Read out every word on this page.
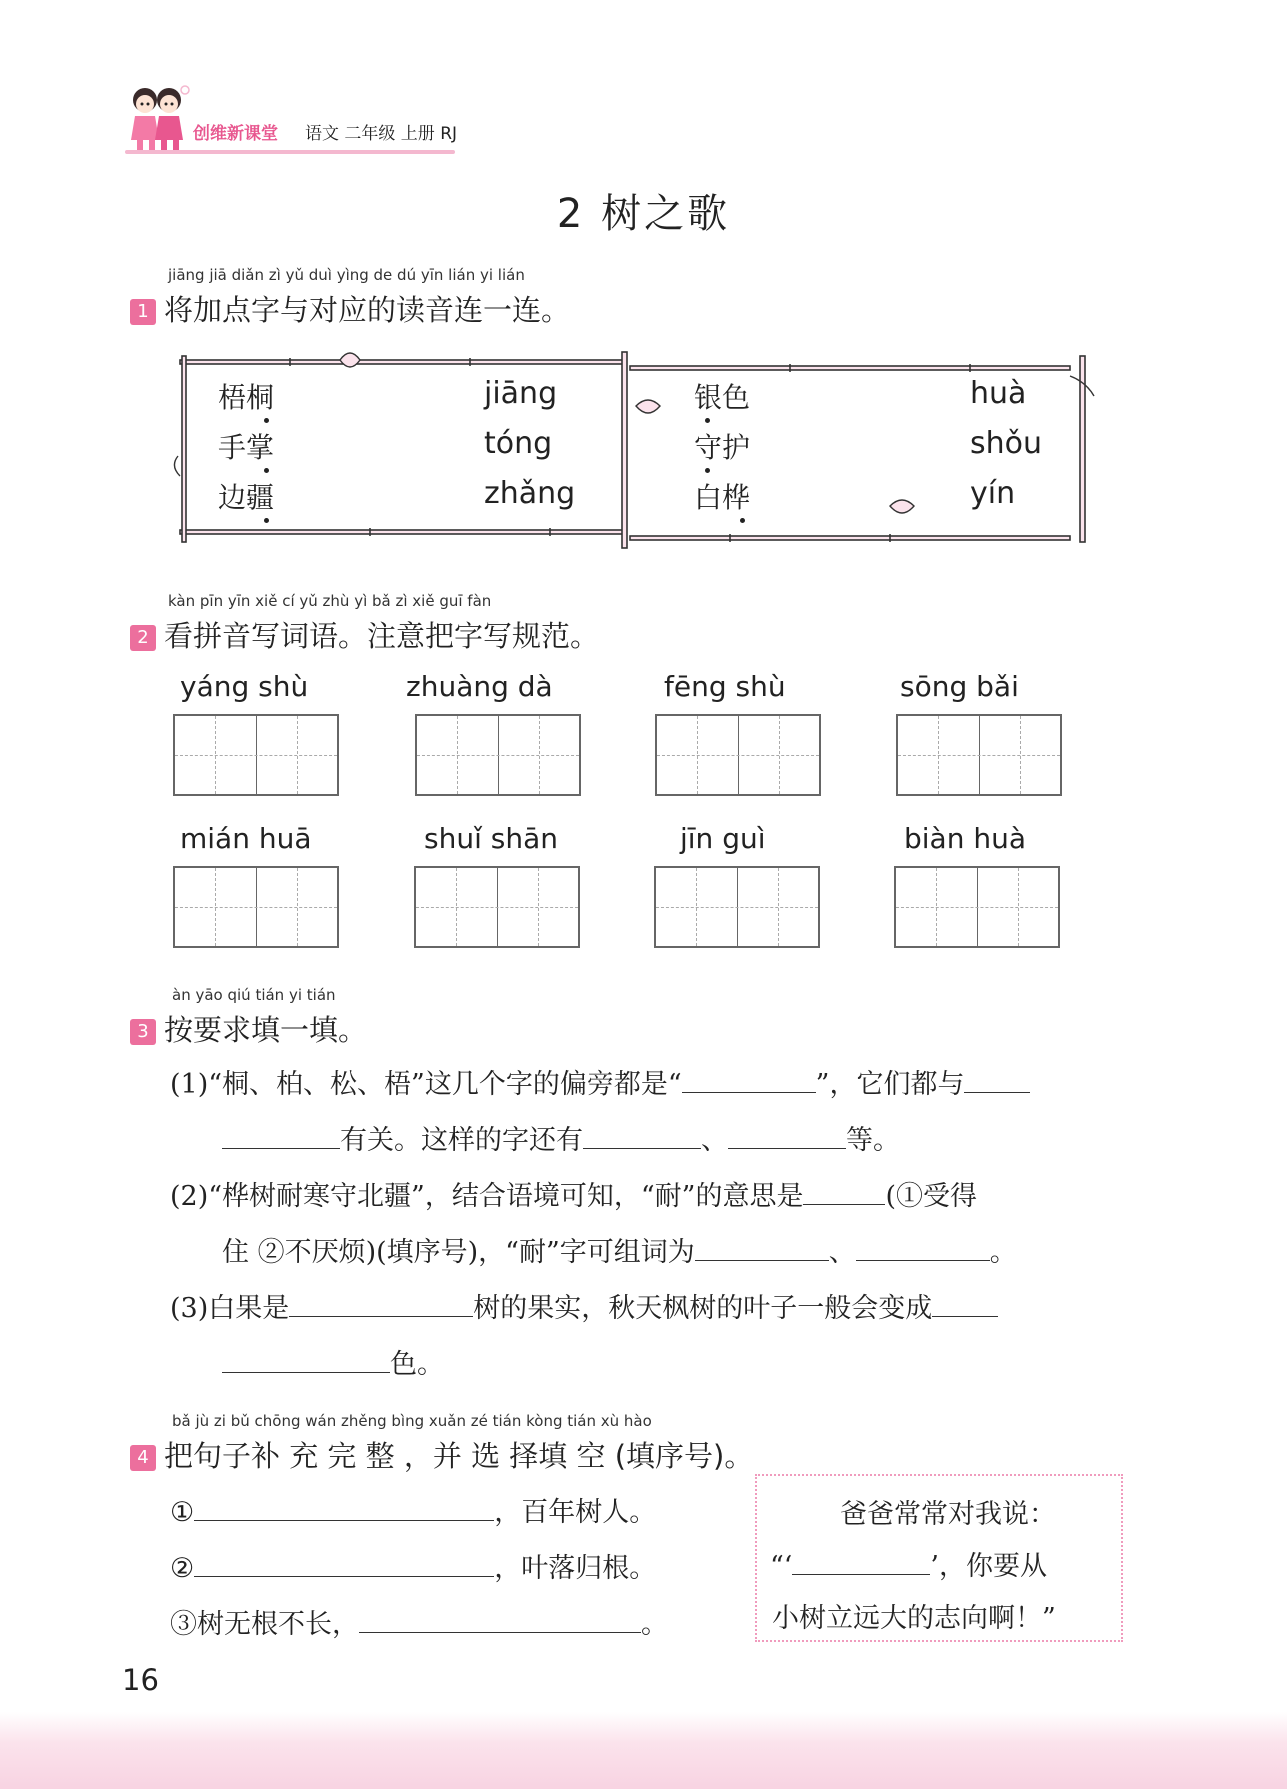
创维新课堂 语文 二年级 上册 RJ
2 树之歌
jiāng jiā diǎn zì yǔ duì yìng de dú yīn lián yi lián
1 将加点字与对应的读音连一连。
梧桐
手掌
边疆
jiāng
tóng
zhǎng
银色
守护
白桦
huà
shǒu
yín
kàn pīn yīn xiě cí yǔ zhù yì bǎ zì xiě guī fàn
2 看拼音写词语。注意把字写规范。
yáng shù	zhuàng dà	fēng shù	sōng bǎi
mián huā	shuǐ shān	jīn guì	biàn huà
àn yāo qiú tián yi tián
3 按要求填一填。
(1)“桐、柏、松、梧”这几个字的偏旁都是“	”，它们都与
有关。这样的字还有	、	等。
(2)“桦树耐寒守北疆”，结合语境可知，“耐”的意思是	(①受得
住 ②不厌烦)(填序号)，“耐”字可组词为	、	。
(3)白果是	树的果实，秋天枫树的叶子一般会变成
色。
bǎ jù zi bǔ chōng wán zhěng bìng xuǎn zé tián kòng tián xù hào
4 把句子补 充 完 整 ，并 选 择填 空 (填序号)。
①	，百年树人。
②	，叶落归根。
③树无根不长，	。
爸爸常常对我说：
“‘	’，你要从
小树立远大的志向啊！”
16
